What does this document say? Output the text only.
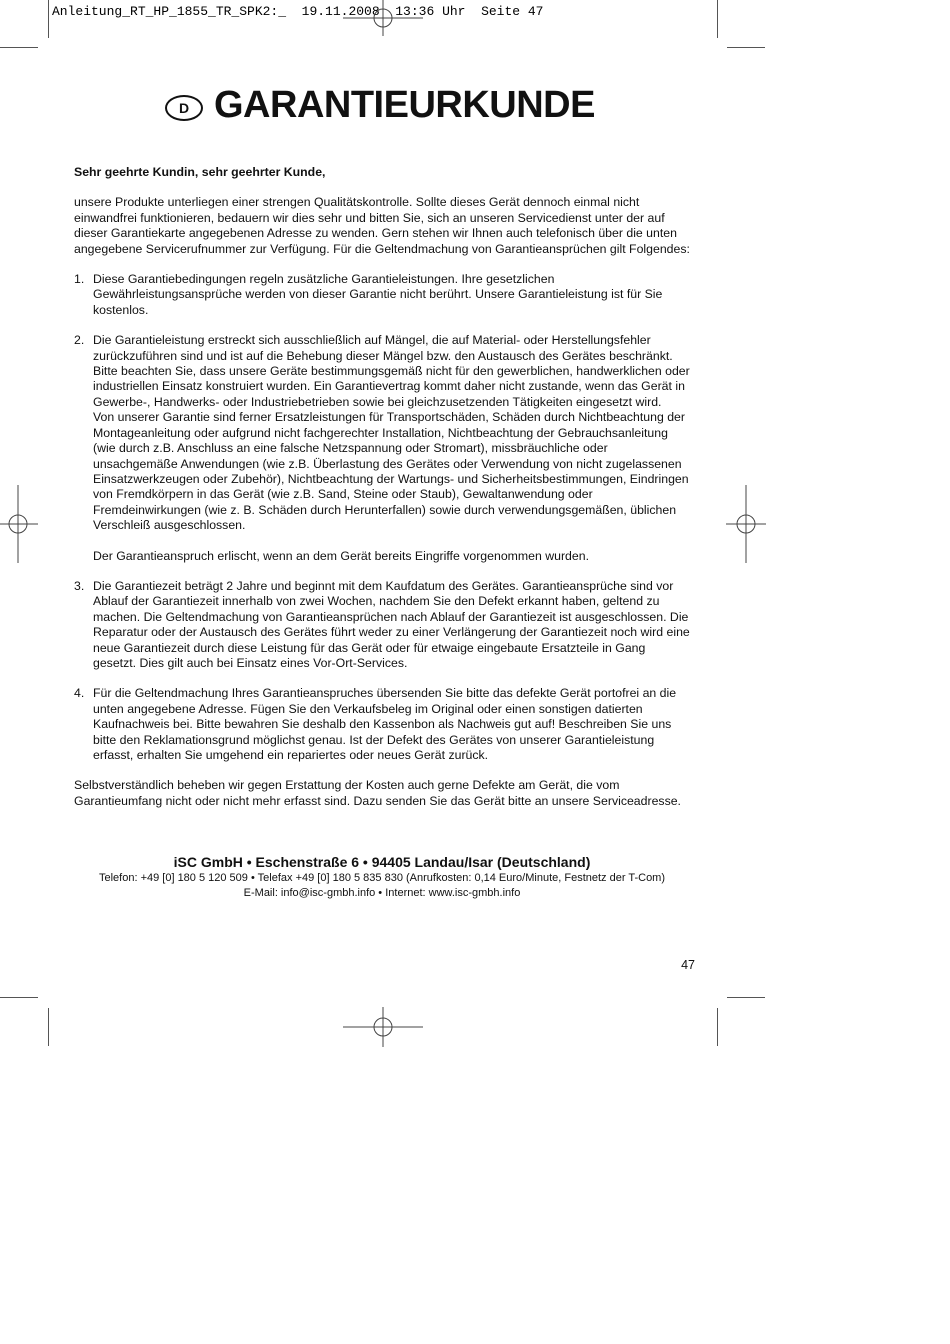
Anleitung_RT_HP_1855_TR_SPK2:_  19.11.2008  13:36 Uhr  Seite 47

D GARANTIEURKUNDE

Sehr geehrte Kundin, sehr geehrter Kunde,

unsere Produkte unterliegen einer strengen Qualitätskontrolle. Sollte dieses Gerät dennoch einmal nicht einwandfrei funktionieren, bedauern wir dies sehr und bitten Sie, sich an unseren Servicedienst unter der auf dieser Garantiekarte angegebenen Adresse zu wenden. Gern stehen wir Ihnen auch telefonisch über die unten angegebene Servicerufnummer zur Verfügung. Für die Geltendmachung von Garantieansprüchen gilt Folgendes:

1. Diese Garantiebedingungen regeln zusätzliche Garantieleistungen. Ihre gesetzlichen Gewährleistungsansprüche werden von dieser Garantie nicht berührt. Unsere Garantieleistung ist für Sie kostenlos.

2. Die Garantieleistung erstreckt sich ausschließlich auf Mängel, die auf Material- oder Herstellungsfehler zurückzuführen sind und ist auf die Behebung dieser Mängel bzw. den Austausch des Gerätes beschränkt. Bitte beachten Sie, dass unsere Geräte bestimmungsgemäß nicht für den gewerblichen, handwerklichen oder industriellen Einsatz konstruiert wurden. Ein Garantievertrag kommt daher nicht zustande, wenn das Gerät in Gewerbe-, Handwerks- oder Industriebetrieben sowie bei gleichzusetzenden Tätigkeiten eingesetzt wird.

Von unserer Garantie sind ferner Ersatzleistungen für Transportschäden, Schäden durch Nichtbeachtung der Montageanleitung oder aufgrund nicht fachgerechter Installation, Nichtbeachtung der Gebrauchsanleitung (wie durch z.B. Anschluss an eine falsche Netzspannung oder Stromart), missbräuchliche oder unsachgemäße Anwendungen (wie z.B. Überlastung des Gerätes oder Verwendung von nicht zugelassenen Einsatzwerkzeugen oder Zubehör), Nichtbeachtung der Wartungs- und Sicherheitsbestimmungen, Eindringen von Fremdkörpern in das Gerät (wie z.B. Sand, Steine oder Staub), Gewaltanwendung oder Fremdeinwirkungen (wie z. B. Schäden durch Herunterfallen) sowie durch verwendungsgemäßen, üblichen Verschleiß ausgeschlossen.

Der Garantieanspruch erlischt, wenn an dem Gerät bereits Eingriffe vorgenommen wurden.

3. Die Garantiezeit beträgt 2 Jahre und beginnt mit dem Kaufdatum des Gerätes. Garantieansprüche sind vor Ablauf der Garantiezeit innerhalb von zwei Wochen, nachdem Sie den Defekt erkannt haben, geltend zu machen. Die Geltendmachung von Garantieansprüchen nach Ablauf der Garantiezeit ist ausgeschlossen. Die Reparatur oder der Austausch des Gerätes führt weder zu einer Verlängerung der Garantiezeit noch wird eine neue Garantiezeit durch diese Leistung für das Gerät oder für etwaige eingebaute Ersatzteile in Gang gesetzt. Dies gilt auch bei Einsatz eines Vor-Ort-Services.

4. Für die Geltendmachung Ihres Garantieanspruches übersenden Sie bitte das defekte Gerät portofrei an die unten angegebene Adresse. Fügen Sie den Verkaufsbeleg im Original oder einen sonstigen datierten Kaufnachweis bei. Bitte bewahren Sie deshalb den Kassenbon als Nachweis gut auf! Beschreiben Sie uns bitte den Reklamationsgrund möglichst genau. Ist der Defekt des Gerätes von unserer Garantieleistung erfasst, erhalten Sie umgehend ein repariertes oder neues Gerät zurück.

Selbstverständlich beheben wir gegen Erstattung der Kosten auch gerne Defekte am Gerät, die vom Garantieumfang nicht oder nicht mehr erfasst sind. Dazu senden Sie das Gerät bitte an unsere Serviceadresse.

iSC GmbH • Eschenstraße 6 • 94405 Landau/Isar (Deutschland)
Telefon: +49 [0] 180 5 120 509 • Telefax +49 [0] 180 5 835 830 (Anrufkosten: 0,14 Euro/Minute, Festnetz der T-Com)
E-Mail: info@isc-gmbh.info • Internet: www.isc-gmbh.info
47
